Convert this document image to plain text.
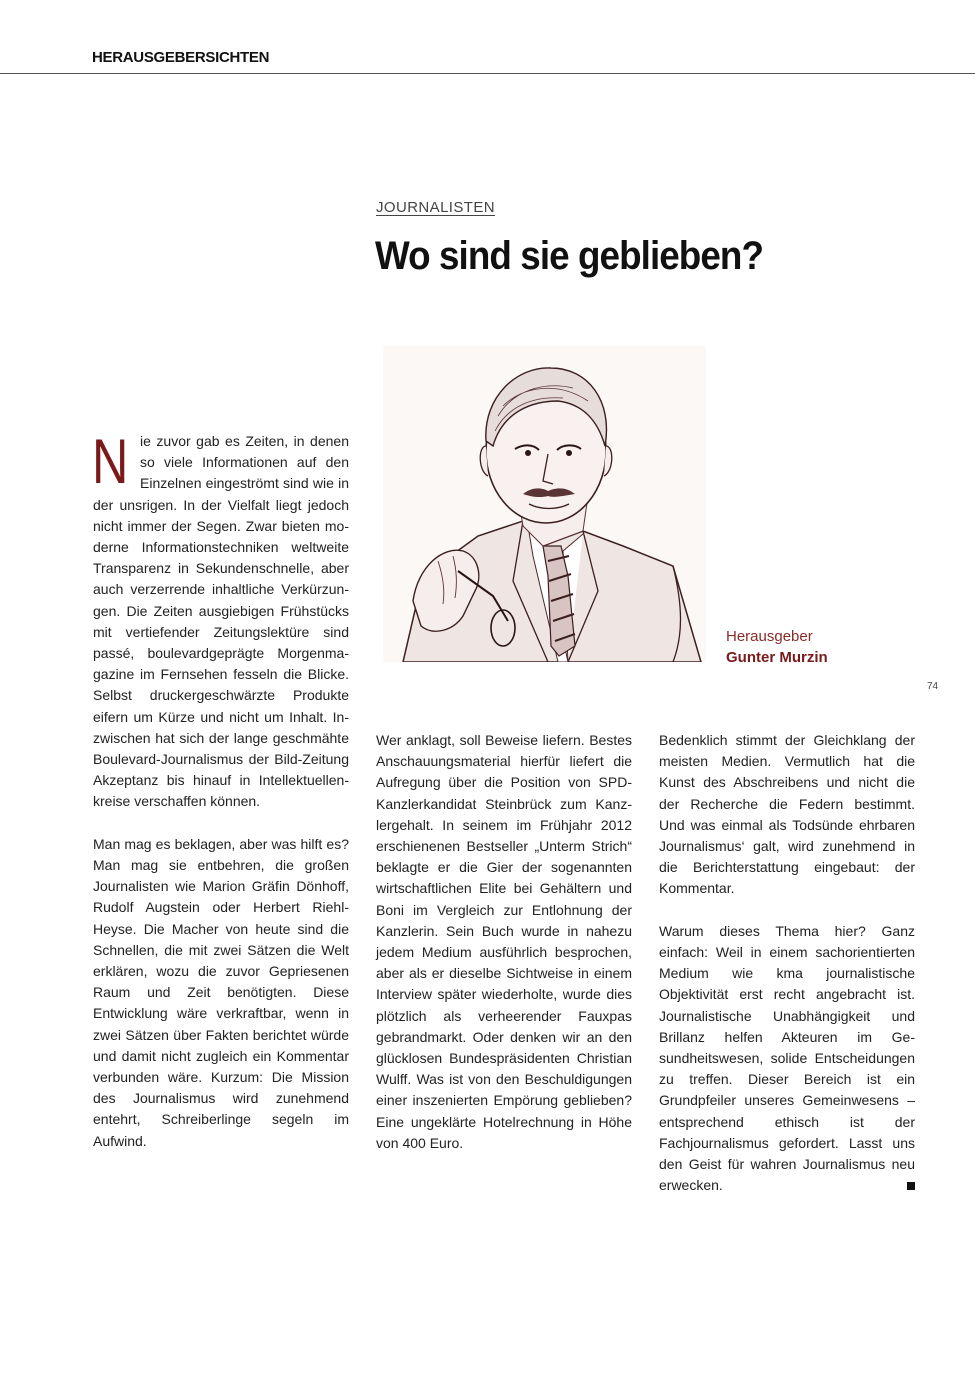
HERAUSGEBERSICHTEN
JOURNALISTEN
Wo sind sie geblieben?
Herausgeber
Gunter Murzin
74

Nie zuvor gab es Zeiten, in denen so viele Informationen auf den Einzelnen eingeströmt sind wie in der unsrigen. In der Vielfalt liegt jedoch nicht immer der Segen. Zwar bieten moderne Informationstechniken weltweite Transparenz in Sekundenschnelle, aber auch verzerrende inhaltliche Verkürzungen. Die Zeiten ausgiebigen Frühstücks mit vertiefender Zeitungslektüre sind passé, boulevardgeprägte Morgenmagazine im Fernsehen fesseln die Blicke. Selbst druckergeschwärzte Produkte eifern um Kürze und nicht um Inhalt. Inzwischen hat sich der lange geschmähte Boulevard-Journalismus der Bild-Zeitung Akzeptanz bis hinauf in Intellektuellenkreise verschaffen können.

Man mag es beklagen, aber was hilft es? Man mag sie entbehren, die großen Journalisten wie Marion Gräfin Dönhoff, Rudolf Augstein oder Herbert Riehl-Heyse. Die Macher von heute sind die Schnellen, die mit zwei Sätzen die Welt erklären, wozu die zuvor Gepriesenen Raum und Zeit benötigten. Diese Entwicklung wäre verkraftbar, wenn in zwei Sätzen über Fakten berichtet würde und damit nicht zugleich ein Kommentar verbunden wäre. Kurzum: Die Mission des Journalismus wird zunehmend entehrt, Schreiberlinge segeln im Aufwind.

Wer anklagt, soll Beweise liefern. Bestes Anschauungsmaterial hierfür liefert die Aufregung über die Position von SPD-Kanzlerkandidat Steinbrück zum Kanzlergehalt. In seinem im Frühjahr 2012 erschienenen Bestseller „Unterm Strich“ beklagte er die Gier der sogenannten wirtschaftlichen Elite bei Gehältern und Boni im Vergleich zur Entlohnung der Kanzlerin. Sein Buch wurde in nahezu jedem Medium ausführlich besprochen, aber als er dieselbe Sichtweise in einem Interview später wiederholte, wurde dies plötzlich als verheerender Fauxpas gebrandmarkt. Oder denken wir an den glücklosen Bundespräsidenten Christian Wulff. Was ist von den Beschuldigungen einer inszenierten Empörung geblieben? Eine ungeklärte Hotelrechnung in Höhe von 400 Euro.

Bedenklich stimmt der Gleichklang der meisten Medien. Vermutlich hat die Kunst des Abschreibens und nicht die der Recherche die Federn bestimmt. Und was einmal als Todsünde ehrbaren Journalismus‘ galt, wird zunehmend in die Berichterstattung eingebaut: der Kommentar.

Warum dieses Thema hier? Ganz einfach: Weil in einem sachorientierten Medium wie kma journalistische Objektivität erst recht angebracht ist. Journalistische Unabhängigkeit und Brillanz helfen Akteuren im Gesundheitswesen, solide Entscheidungen zu treffen. Dieser Bereich ist ein Grundpfeiler unseres Gemeinwesens – entsprechend ethisch ist der Fachjournalismus gefordert. Lasst uns den Geist für wahren Journalismus neu erwecken.
